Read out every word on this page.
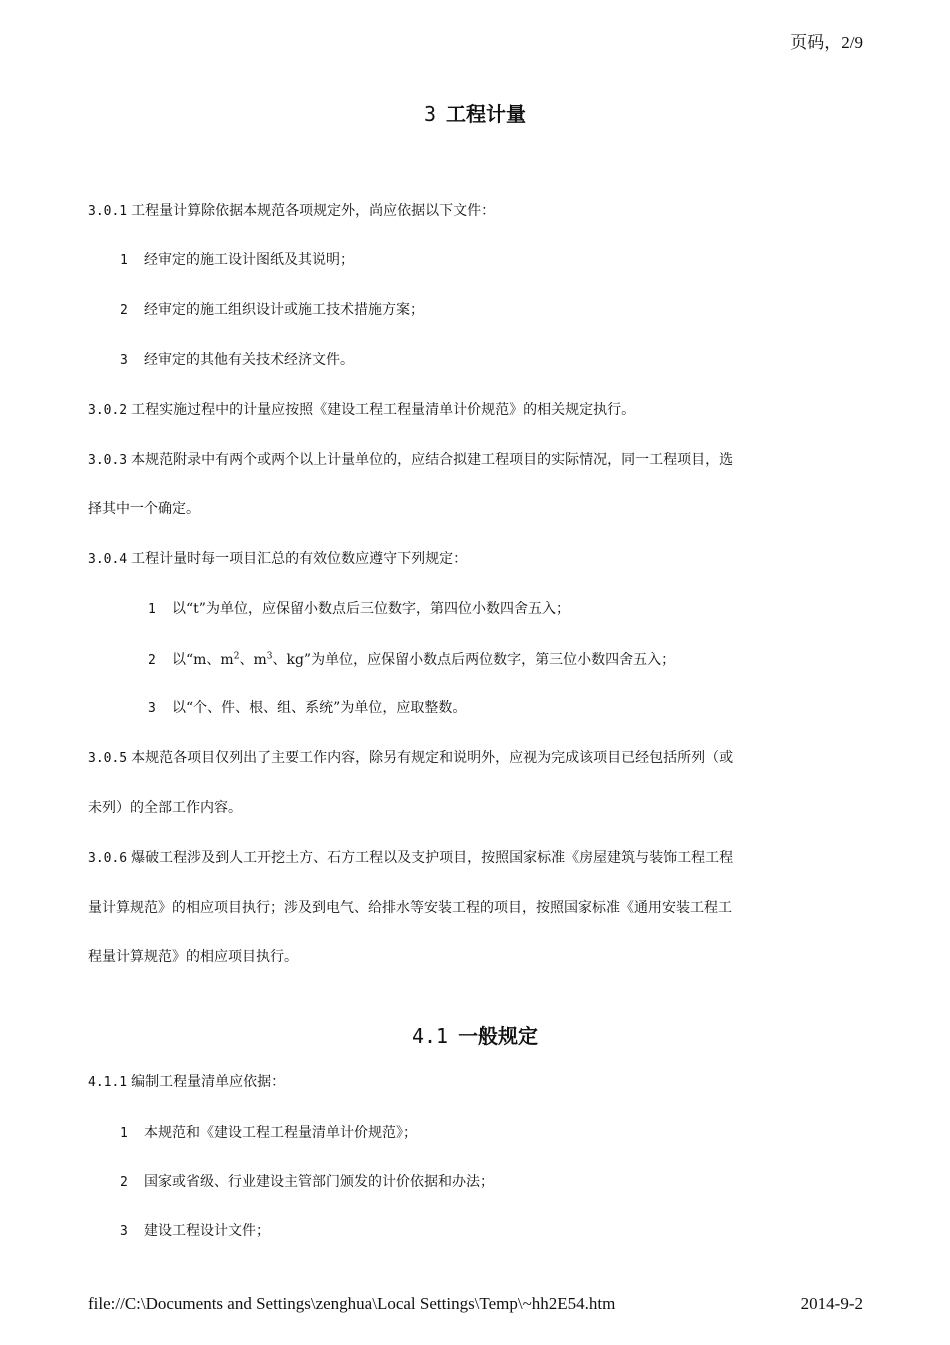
页码，2/9
3 工程计量
3.0.1 工程量计算除依据本规范各项规定外，尚应依据以下文件：
1 经审定的施工设计图纸及其说明；
2 经审定的施工组织设计或施工技术措施方案；
3 经审定的其他有关技术经济文件。
3.0.2 工程实施过程中的计量应按照《建设工程工程量清单计价规范》的相关规定执行。
3.0.3 本规范附录中有两个或两个以上计量单位的，应结合拟建工程项目的实际情况，同一工程项目，选
择其中一个确定。
3.0.4 工程计量时每一项目汇总的有效位数应遵守下列规定：
1 以“t”为单位，应保留小数点后三位数字，第四位小数四舍五入；
2 以“m、$m^2$、$m^3$、kg”为单位，应保留小数点后两位数字，第三位小数四舍五入；
3 以“个、件、根、组、系统”为单位，应取整数。
3.0.5 本规范各项目仅列出了主要工作内容，除另有规定和说明外，应视为完成该项目已经包括所列（或
未列）的全部工作内容。
3.0.6 爆破工程涉及到人工开挖土方、石方工程以及支护项目，按照国家标准《房屋建筑与装饰工程工程
量计算规范》的相应项目执行；涉及到电气、给排水等安装工程的项目，按照国家标准《通用安装工程工
程量计算规范》的相应项目执行。
4.1 一般规定
4.1.1 编制工程量清单应依据：
1 本规范和《建设工程工程量清单计价规范》；
2 国家或省级、行业建设主管部门颁发的计价依据和办法；
3 建设工程设计文件；
file://C:\Documents and Settings\zenghua\Local Settings\Temp\~hh2E54.htm	2014-9-2
